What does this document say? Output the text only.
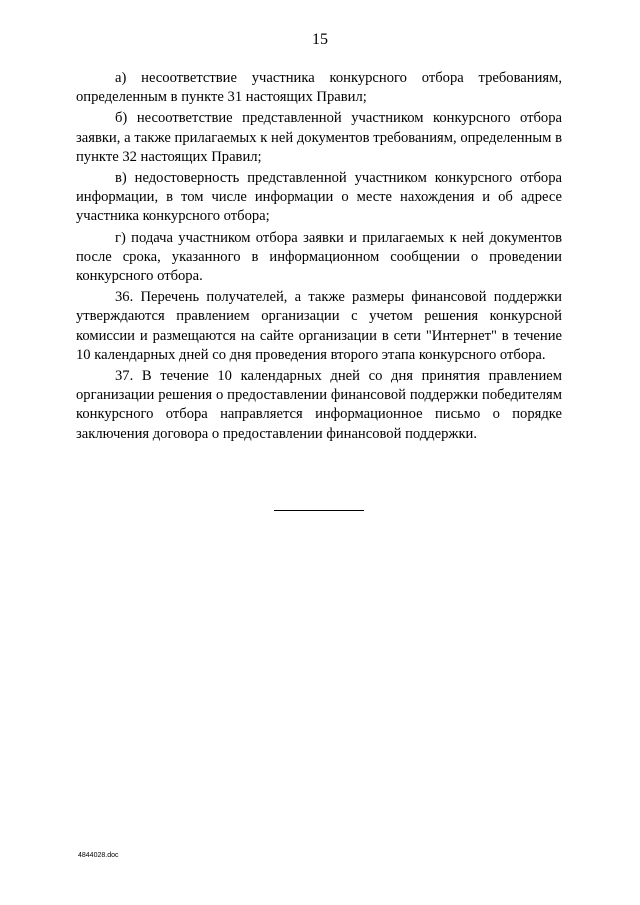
15

а) несоответствие участника конкурсного отбора требованиям, определенным в пункте 31 настоящих Правил;

б) несоответствие представленной участником конкурсного отбора заявки, а также прилагаемых к ней документов требованиям, определенным в пункте 32 настоящих Правил;

в) недостоверность представленной участником конкурсного отбора информации, в том числе информации о месте нахождения и об адресе участника конкурсного отбора;

г) подача участником отбора заявки и прилагаемых к ней документов после срока, указанного в информационном сообщении о проведении конкурсного отбора.

36. Перечень получателей, а также размеры финансовой поддержки утверждаются правлением организации с учетом решения конкурсной комиссии и размещаются на сайте организации в сети "Интернет" в течение 10 календарных дней со дня проведения второго этапа конкурсного отбора.

37. В течение 10 календарных дней со дня принятия правлением организации решения о предоставлении финансовой поддержки победителям конкурсного отбора направляется информационное письмо о порядке заключения договора о предоставлении финансовой поддержки.

4844028.doc
